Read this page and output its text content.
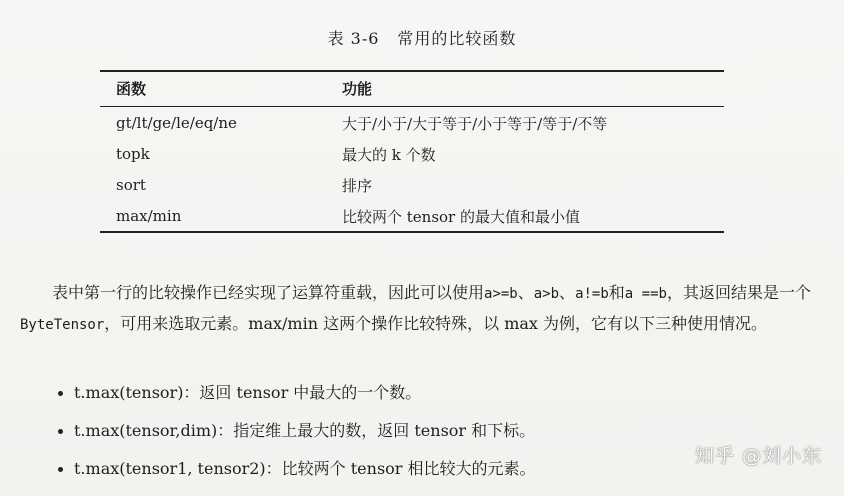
表 3-6 常用的比较函数
函数	功能
gt/lt/ge/le/eq/ne	大于/小于/大于等于/小于等于/等于/不等
topk	最大的 k 个数
sort	排序
max/min	比较两个 tensor 的最大值和最小值
表中第一行的比较操作已经实现了运算符重载，因此可以使用a>=b、a>b、a!=b和a ==b，其返回结果是一个ByteTensor，可用来选取元素。max/min 这两个操作比较特殊，以 max 为例，它有以下三种使用情况。
t.max(tensor)：返回 tensor 中最大的一个数。
t.max(tensor,dim)：指定维上最大的数，返回 tensor 和下标。
t.max(tensor1, tensor2)：比较两个 tensor 相比较大的元素。
知乎 @刘小东
